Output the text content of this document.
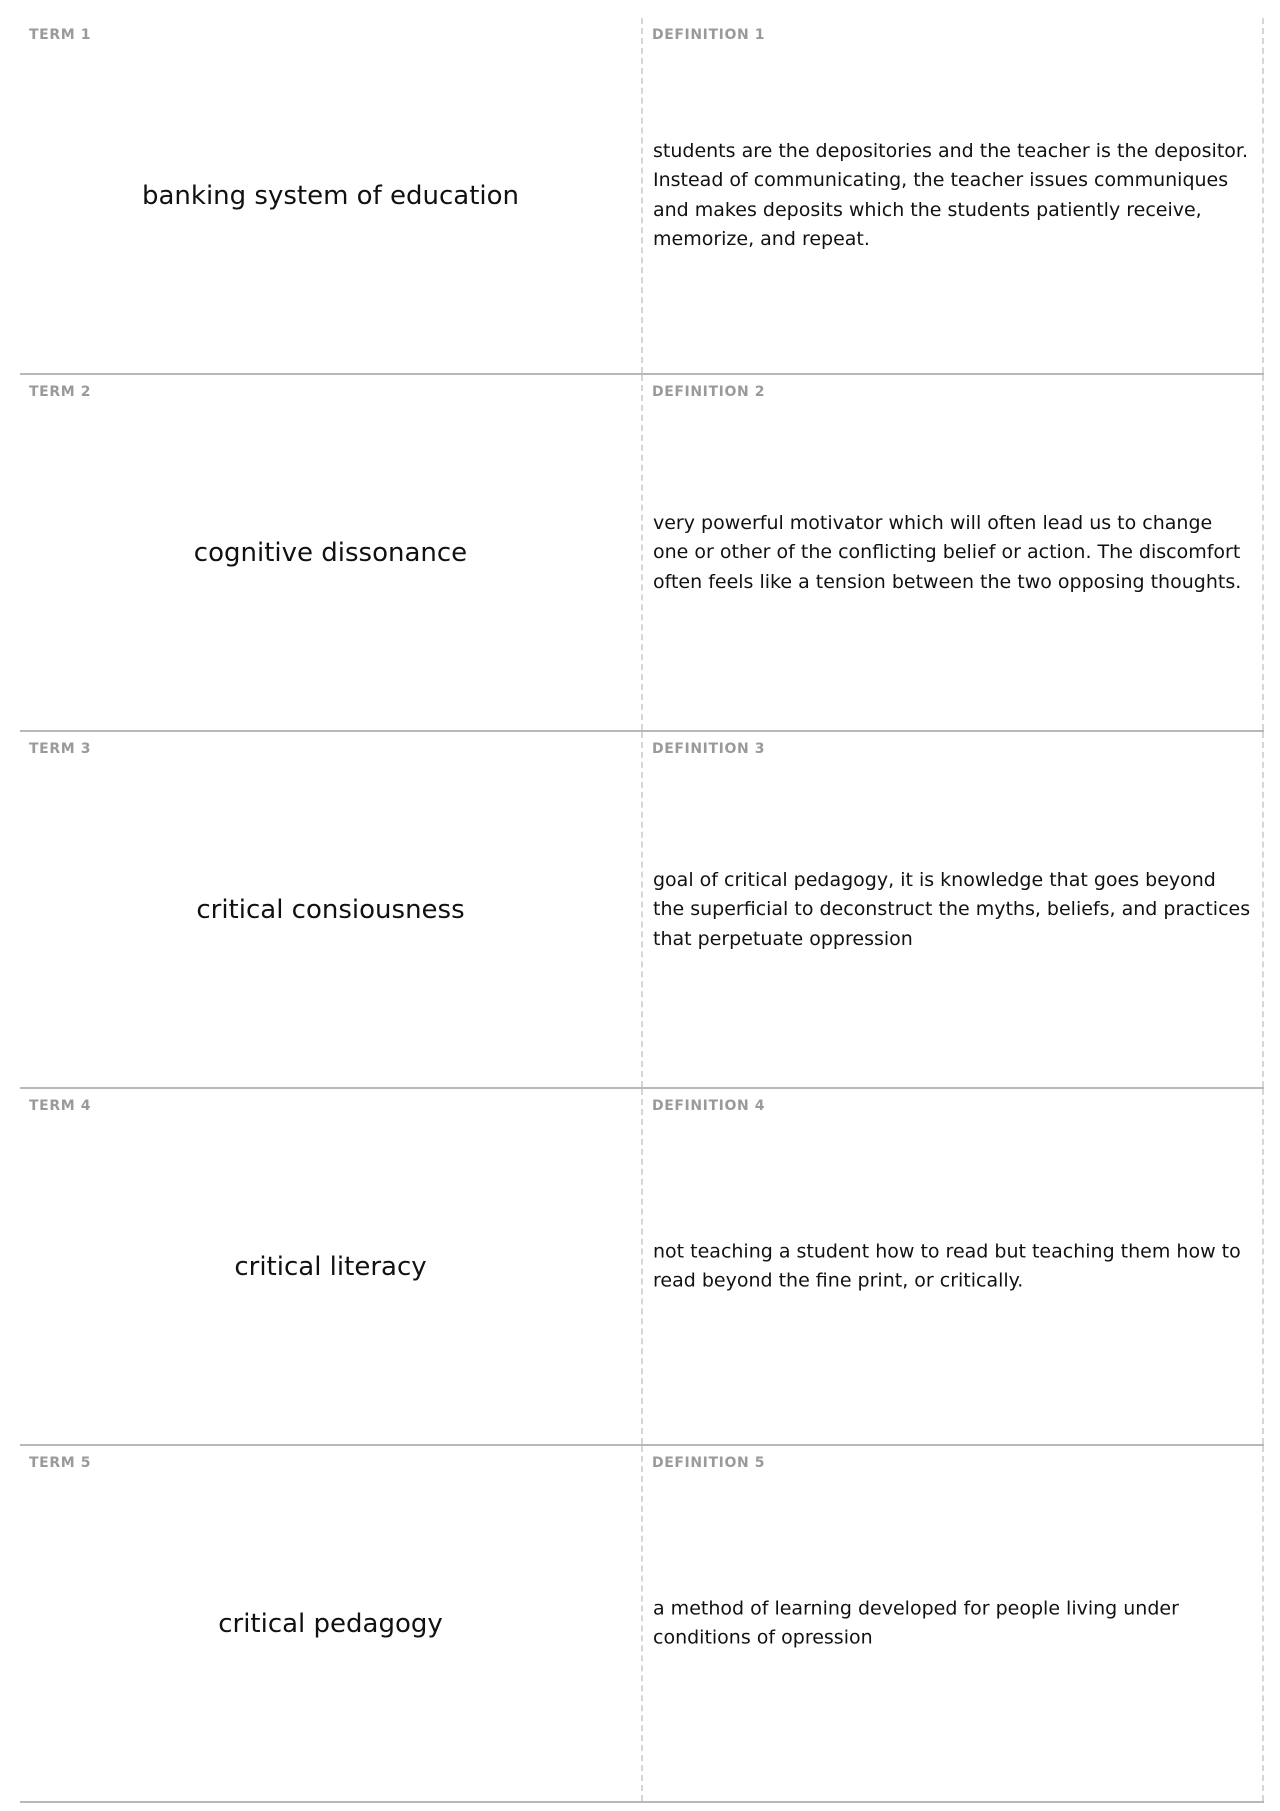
TERM 1
banking system of education
DEFINITION 1
students are the depositories and the teacher is the depositor. Instead of communicating, the teacher issues communiques and makes deposits which the students patiently receive, memorize, and repeat.
TERM 2
cognitive dissonance
DEFINITION 2
very powerful motivator which will often lead us to change one or other of the conflicting belief or action. The discomfort often feels like a tension between the two opposing thoughts.
TERM 3
critical consiousness
DEFINITION 3
goal of critical pedagogy, it is knowledge that goes beyond the superficial to deconstruct the myths, beliefs, and practices that perpetuate oppression
TERM 4
critical literacy
DEFINITION 4
not teaching a student how to read but teaching them how to read beyond the fine print, or critically.
TERM 5
critical pedagogy
DEFINITION 5
a method of learning developed for people living under conditions of opression
